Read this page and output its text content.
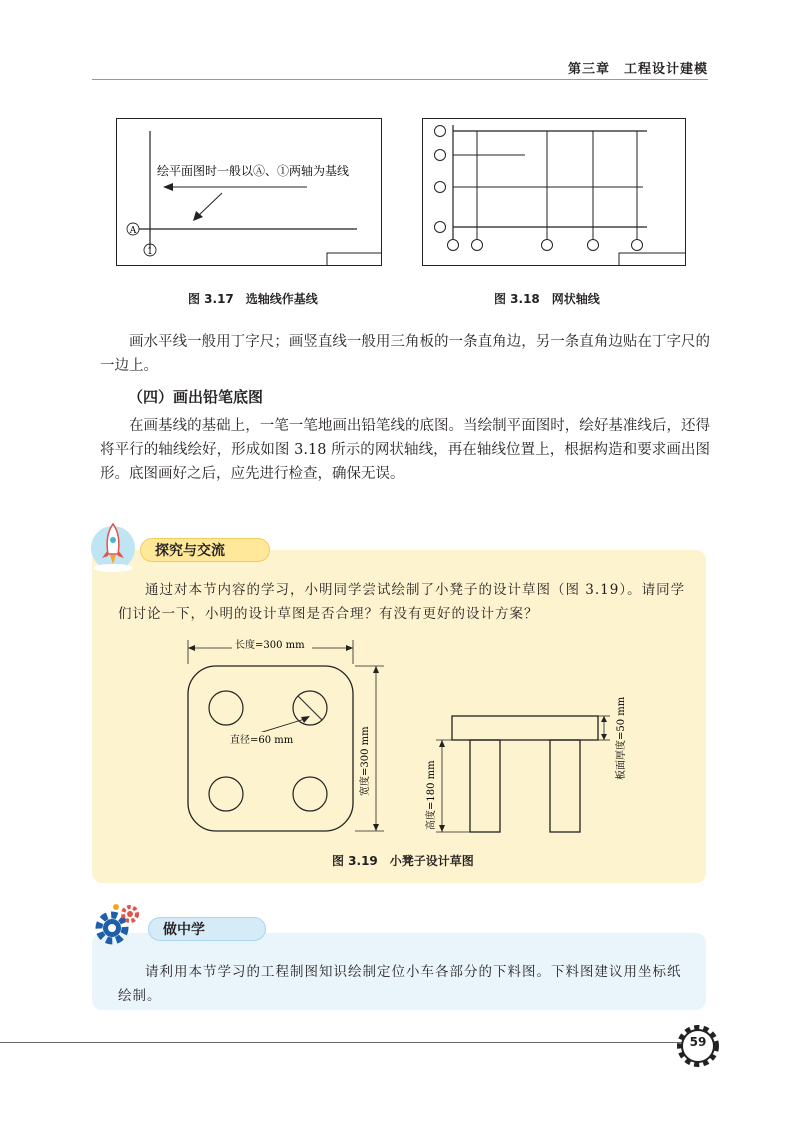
第三章　工程设计建模
绘平面图时一般以Ⓐ、①两轴为基线
A
1
图 3.17　选轴线作基线	图 3.18　网状轴线

画水平线一般用丁字尺；画竖直线一般用三角板的一条直角边，另一条直角边贴在丁字尺的一边上。

（四）画出铅笔底图

在画基线的基础上，一笔一笔地画出铅笔线的底图。当绘制平面图时，绘好基准线后，还得将平行的轴线绘好，形成如图 3.18 所示的网状轴线，再在轴线位置上，根据构造和要求画出图形。底图画好之后，应先进行检查，确保无误。

探究与交流

通过对本节内容的学习，小明同学尝试绘制了小凳子的设计草图（图 3.19）。请同学们讨论一下，小明的设计草图是否合理？有没有更好的设计方案？

直径=60 mm
长度=300 mm
宽度=300 mm	板面厚度=50 mm
高度=180 mm
图 3.19　小凳子设计草图
做中学

请利用本节学习的工程制图知识绘制定位小车各部分的下料图。下料图建议用坐标纸绘制。

59
